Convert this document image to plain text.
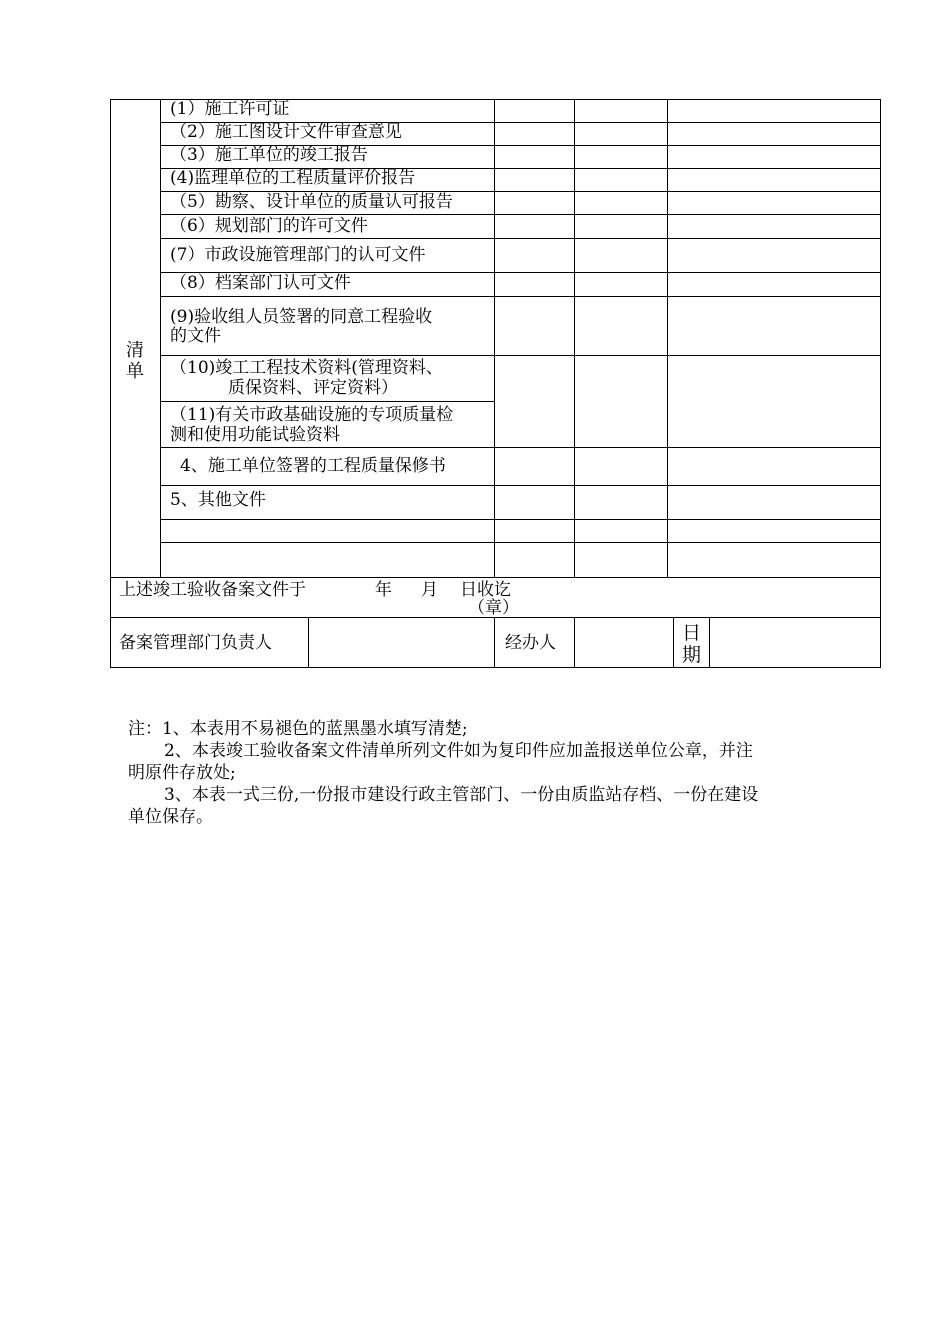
清单
(1）施工许可证
（2）施工图设计文件审查意见
（3）施工单位的竣工报告
(4)监理单位的工程质量评价报告
（5）勘察、设计单位的质量认可报告
（6）规划部门的许可文件
(7）市政设施管理部门的认可文件
（8）档案部门认可文件
(9)验收组人员签署的同意工程验收
的文件
（10)竣工工程技术资料(管理资料、
质保资料、评定资料）
（11)有关市政基础设施的专项质量检
测和使用功能试验资料
4、施工单位签署的工程质量保修书
5、其他文件
上述竣工验收备案文件于	年 月 日收讫
（章）
备案管理部门负责人	经办人	日期

注：1、本表用不易褪色的蓝黑墨水填写清楚;

2、本表竣工验收备案文件清单所列文件如为复印件应加盖报送单位公章，并注

明原件存放处;

3、本表一式三份,一份报市建设行政主管部门、一份由质监站存档、一份在建设

单位保存。
